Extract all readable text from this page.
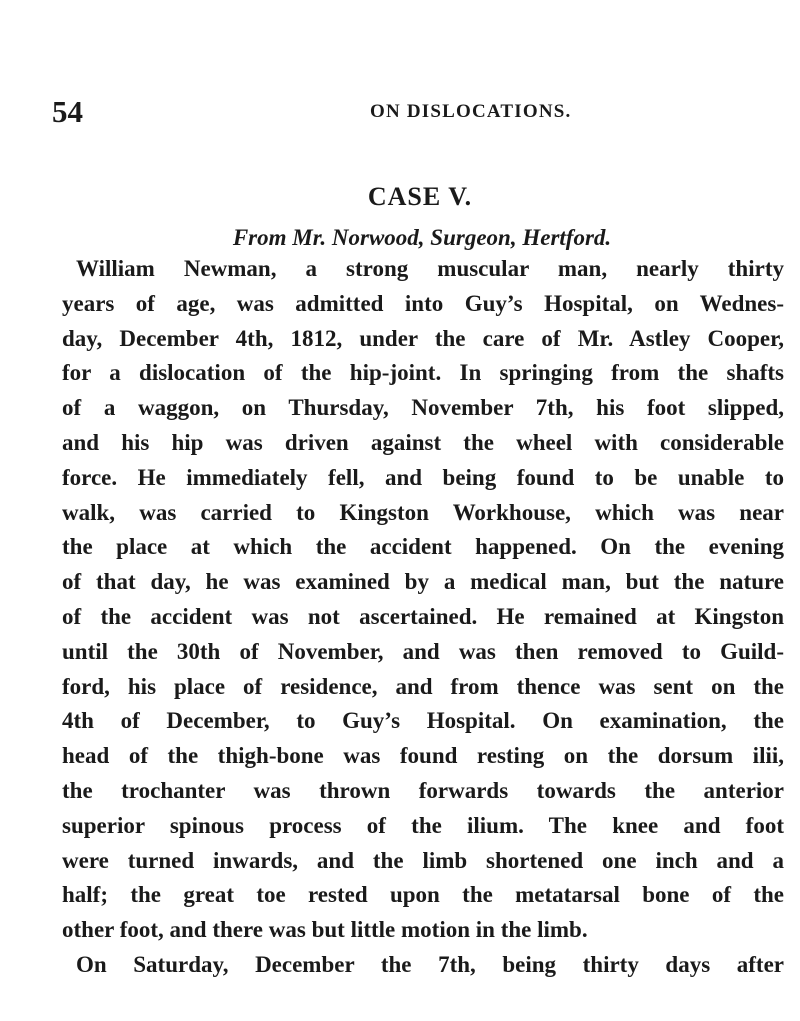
54	ON DISLOCATIONS.
CASE V.
From Mr. Norwood, Surgeon, Hertford.
William Newman, a strong muscular man, nearly thirty
years of age, was admitted into Guy’s Hospital, on Wednes-
day, December 4th, 1812, under the care of Mr. Astley Cooper,
for a dislocation of the hip-joint. In springing from the shafts
of a waggon, on Thursday, November 7th, his foot slipped,
and his hip was driven against the wheel with considerable
force. He immediately fell, and being found to be unable to
walk, was carried to Kingston Workhouse, which was near
the place at which the accident happened. On the evening
of that day, he was examined by a medical man, but the nature
of the accident was not ascertained. He remained at Kingston
until the 30th of November, and was then removed to Guild-
ford, his place of residence, and from thence was sent on the
4th of December, to Guy’s Hospital. On examination, the
head of the thigh-bone was found resting on the dorsum ilii,
the trochanter was thrown forwards towards the anterior
superior spinous process of the ilium. The knee and foot
were turned inwards, and the limb shortened one inch and a
half; the great toe rested upon the metatarsal bone of the
other foot, and there was but little motion in the limb.
On Saturday, December the 7th, being thirty days after
